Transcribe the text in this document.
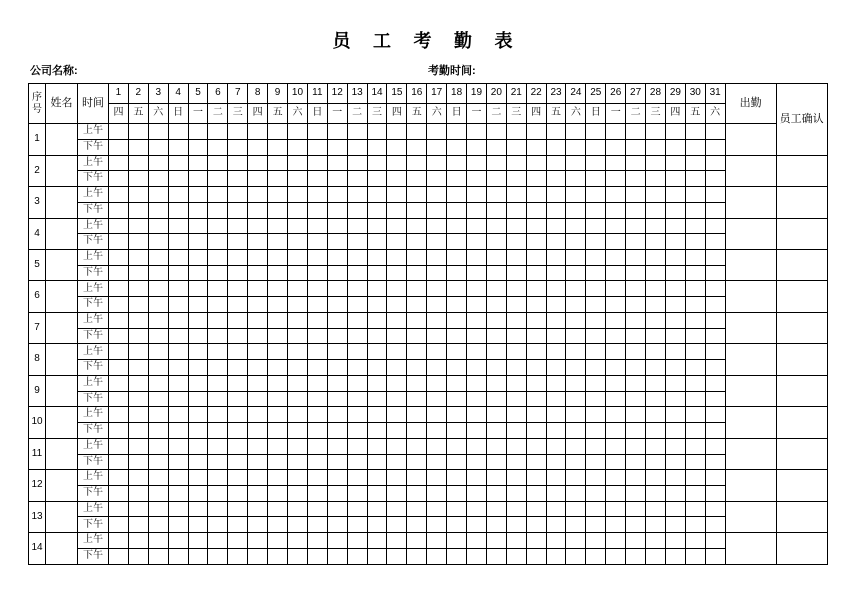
员 工 考 勤 表
公司名称:	考勤时间:
序号	姓名	时间	1	2	3	4	5	6	7	8	9	10	11	12	13	14	15	16	17	18	19	20	21	22	23	24	25	26	27	28	29	30	31	出勤	员工确认
			四	五	六	日	一	二	三	四	五	六	日	一	二	三	四	五	六	日	一	二	三	四	五	六	日	一	二	三	四	五	六		
1		上午																																	
		下午																																	
2		上午																																	
		下午																																	
3		上午																																	
		下午																																	
4		上午																																	
		下午																																	
5		上午																																	
		下午																																	
6		上午																																	
		下午																																	
7		上午																																	
		下午																																	
8		上午																																	
		下午																																	
9		上午																																	
		下午																																	
10		上午																																	
		下午																																	
11		上午																																	
		下午																																	
12		上午																																	
		下午																																	
13		上午																																	
		下午																																	
14		上午																																	
		下午																																	
